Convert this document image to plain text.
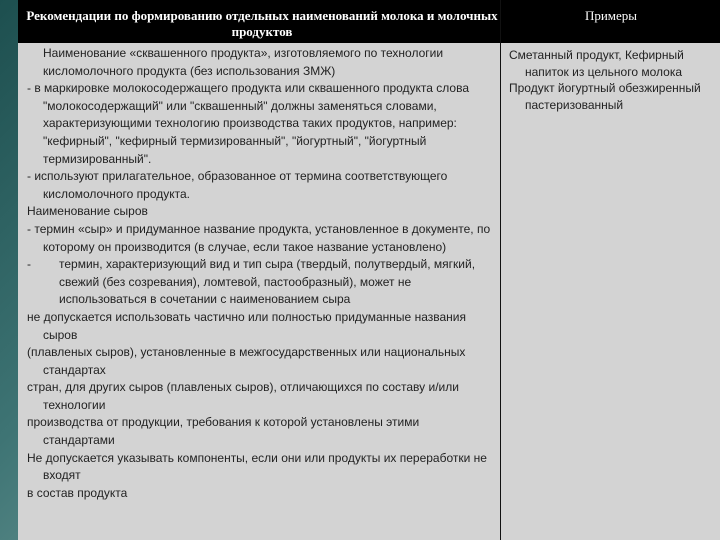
Рекомендации по формированию отдельных наименований молока и молочных продуктов
Примеры
Наименование «сквашенного продукта», изготовляемого по технологии кисломолочного продукта (без использования ЗМЖ)
- в маркировке молокосодержащего продукта или сквашенного продукта слова "молокосодержащий" или "сквашенный" должны заменяться словами, характеризующими технологию производства таких продуктов, например: "кефирный", "кефирный термизированный", "йогуртный", "йогуртный термизированный".
- используют прилагательное, образованное от термина соответствующего кисломолочного продукта.
Наименование сыров
- термин «сыр» и придуманное название продукта, установленное в документе, по которому он производится (в случае, если такое название установлено)
-	термин, характеризующий вид и тип сыра (твердый, полутвердый, мягкий, свежий (без созревания), ломтевой, пастообразный), может не использоваться в сочетании с наименованием сыра
не допускается использовать частично или полностью придуманные названия сыров
(плавленых сыров), установленные в межгосударственных или национальных стандартах
стран, для других сыров (плавленых сыров), отличающихся по составу и/или технологии
производства от продукции, требования к которой установлены этими стандартами
Не допускается указывать компоненты, если они или продукты их переработки не входят
в состав продукта

Сметанный продукт, Кефирный напиток из цельного молока

Продукт йогуртный обезжиренный пастеризованный
